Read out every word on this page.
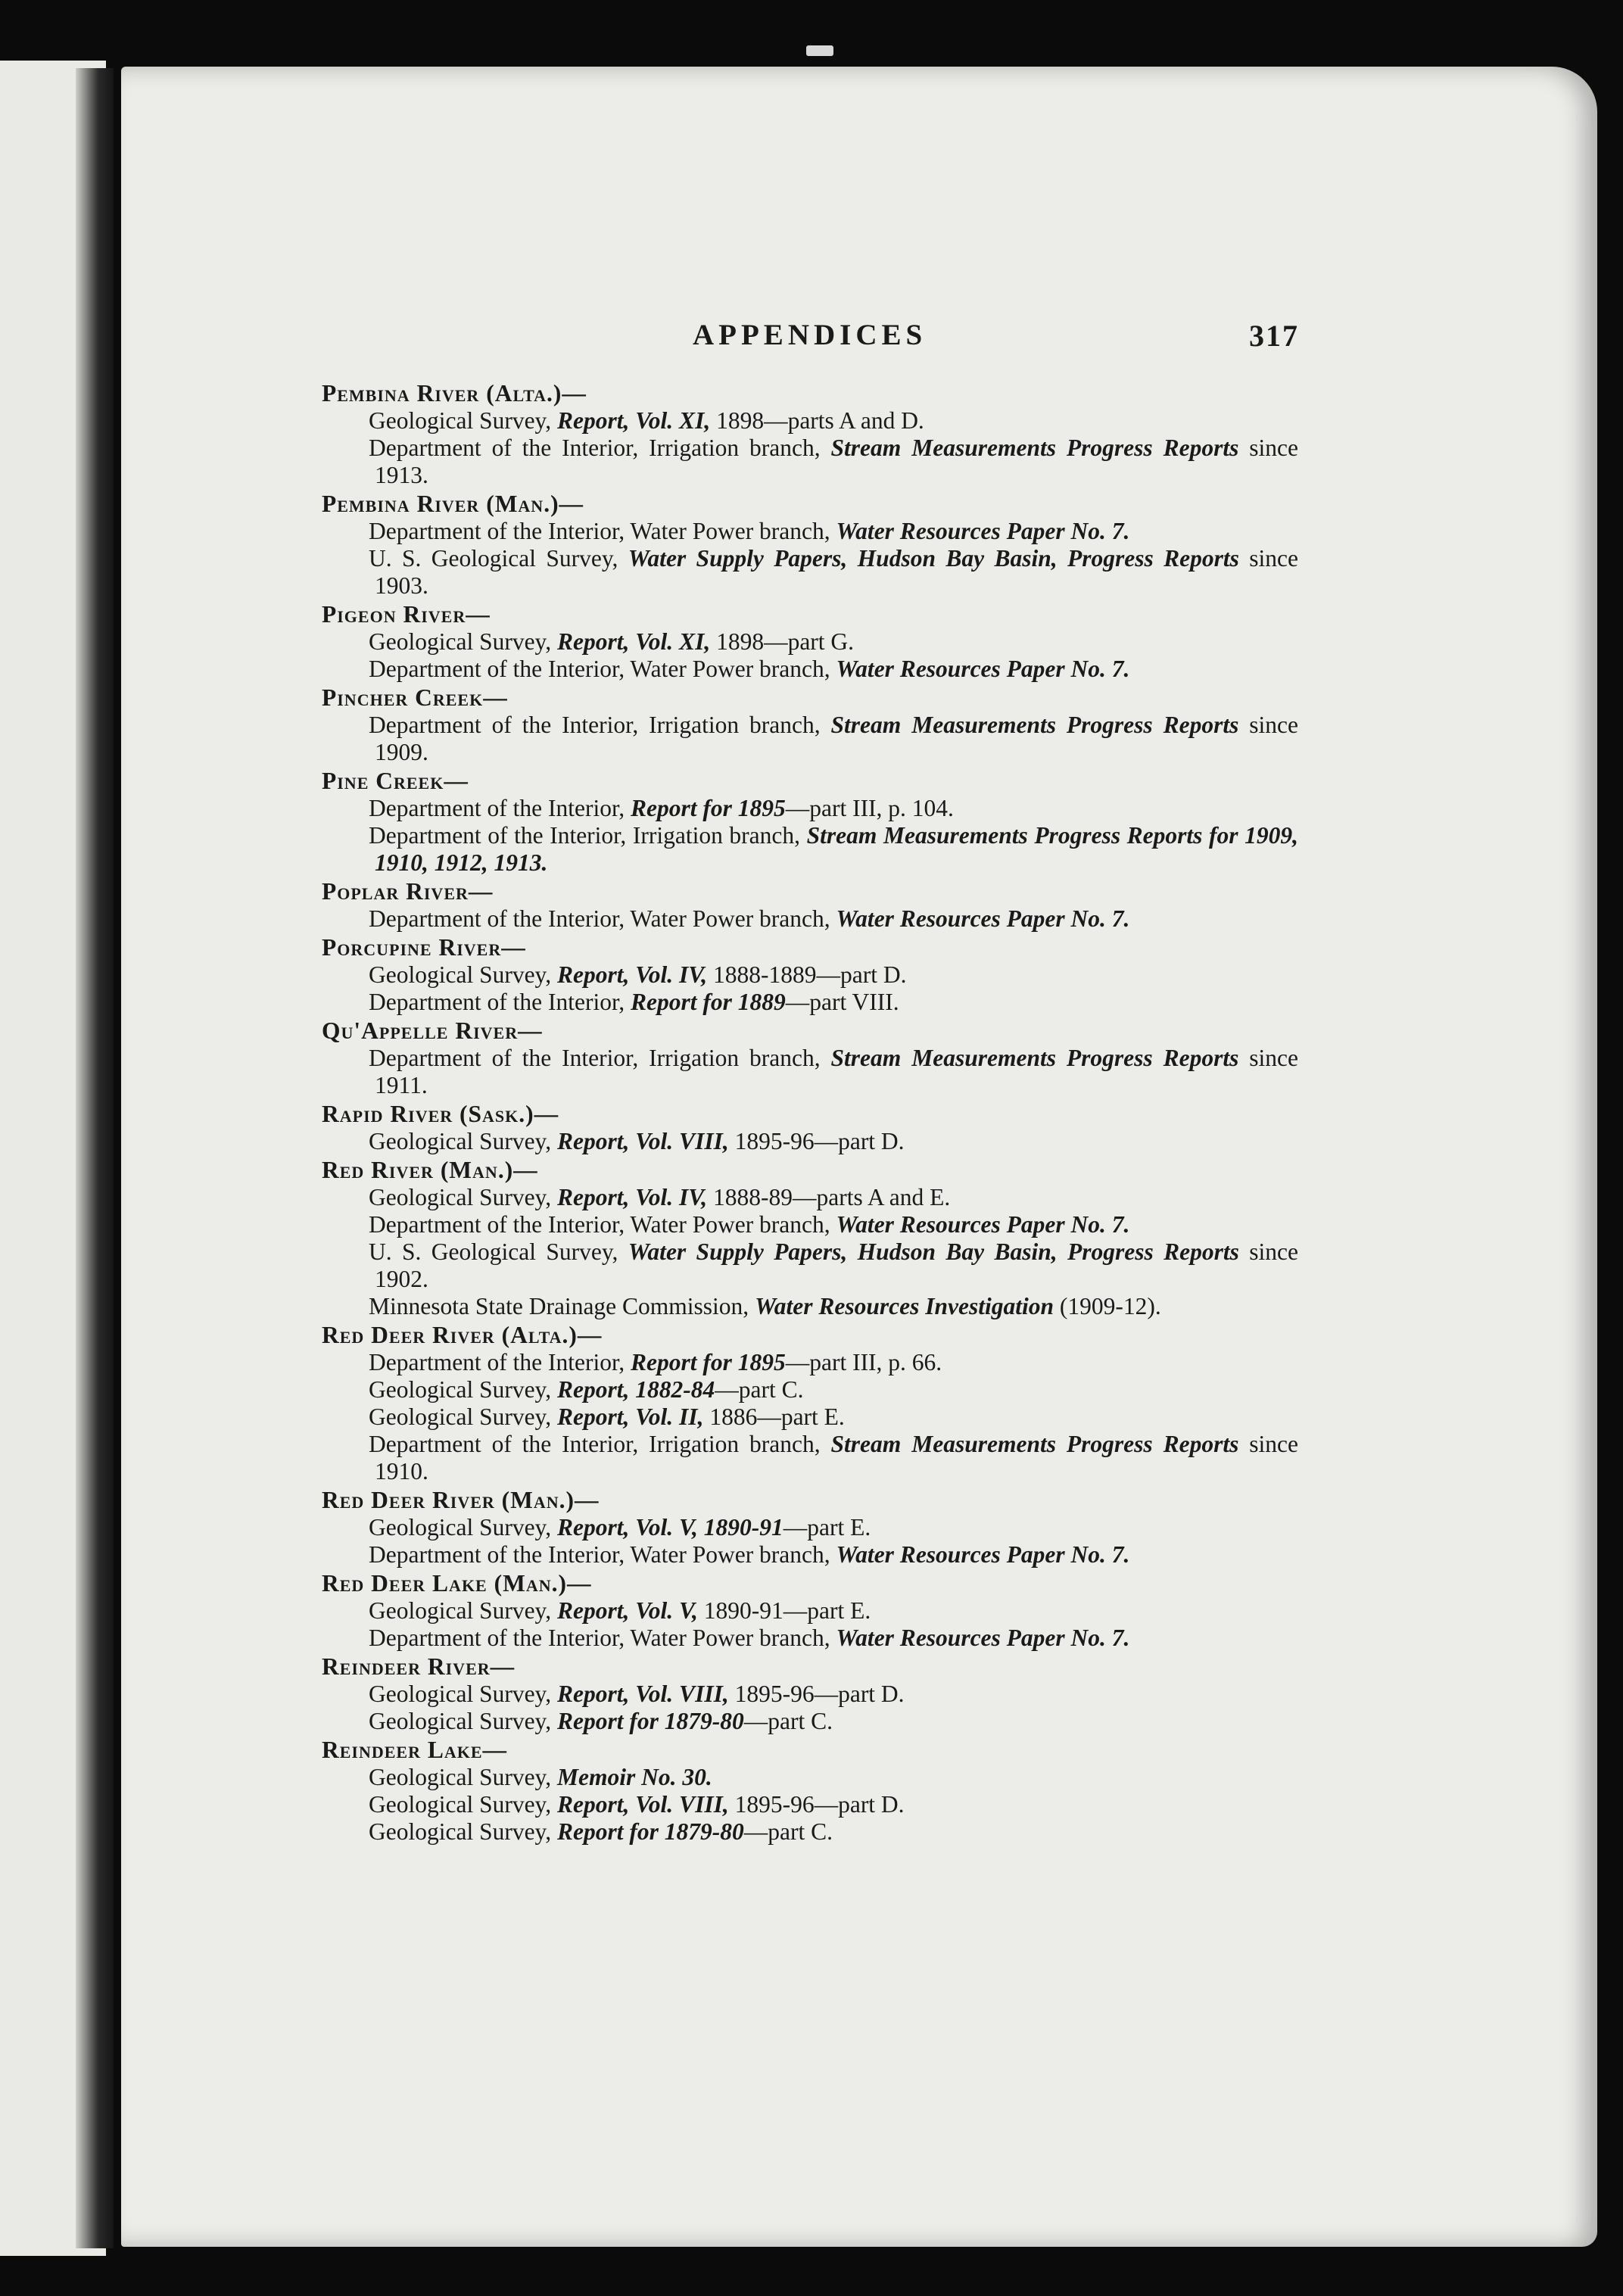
APPENDICES	317
Pembina River (Alta.)—
Geological Survey, Report, Vol. XI, 1898—parts A and D.
Department of the Interior, Irrigation branch, Stream Measurements Progress Reports since 1913.
Pembina River (Man.)—
Department of the Interior, Water Power branch, Water Resources Paper No. 7.
U. S. Geological Survey, Water Supply Papers, Hudson Bay Basin, Progress Reports since 1903.
Pigeon River—
Geological Survey, Report, Vol. XI, 1898—part G.
Department of the Interior, Water Power branch, Water Resources Paper No. 7.
Pincher Creek—
Department of the Interior, Irrigation branch, Stream Measurements Progress Reports since 1909.
Pine Creek—
Department of the Interior, Report for 1895—part III, p. 104.
Department of the Interior, Irrigation branch, Stream Measurements Progress Reports for 1909, 1910, 1912, 1913.
Poplar River—
Department of the Interior, Water Power branch, Water Resources Paper No. 7.
Porcupine River—
Geological Survey, Report, Vol. IV, 1888-1889—part D.
Department of the Interior, Report for 1889—part VIII.
Qu'Appelle River—
Department of the Interior, Irrigation branch, Stream Measurements Progress Reports since 1911.
Rapid River (Sask.)—
Geological Survey, Report, Vol. VIII, 1895-96—part D.
Red River (Man.)—
Geological Survey, Report, Vol. IV, 1888-89—parts A and E.
Department of the Interior, Water Power branch, Water Resources Paper No. 7.
U. S. Geological Survey, Water Supply Papers, Hudson Bay Basin, Progress Reports since 1902.
Minnesota State Drainage Commission, Water Resources Investigation (1909-12).
Red Deer River (Alta.)—
Department of the Interior, Report for 1895—part III, p. 66.
Geological Survey, Report, 1882-84—part C.
Geological Survey, Report, Vol. II, 1886—part E.
Department of the Interior, Irrigation branch, Stream Measurements Progress Reports since 1910.
Red Deer River (Man.)—
Geological Survey, Report, Vol. V, 1890-91—part E.
Department of the Interior, Water Power branch, Water Resources Paper No. 7.
Red Deer Lake (Man.)—
Geological Survey, Report, Vol. V, 1890-91—part E.
Department of the Interior, Water Power branch, Water Resources Paper No. 7.
Reindeer River—
Geological Survey, Report, Vol. VIII, 1895-96—part D.
Geological Survey, Report for 1879-80—part C.
Reindeer Lake—
Geological Survey, Memoir No. 30.
Geological Survey, Report, Vol. VIII, 1895-96—part D.
Geological Survey, Report for 1879-80—part C.
